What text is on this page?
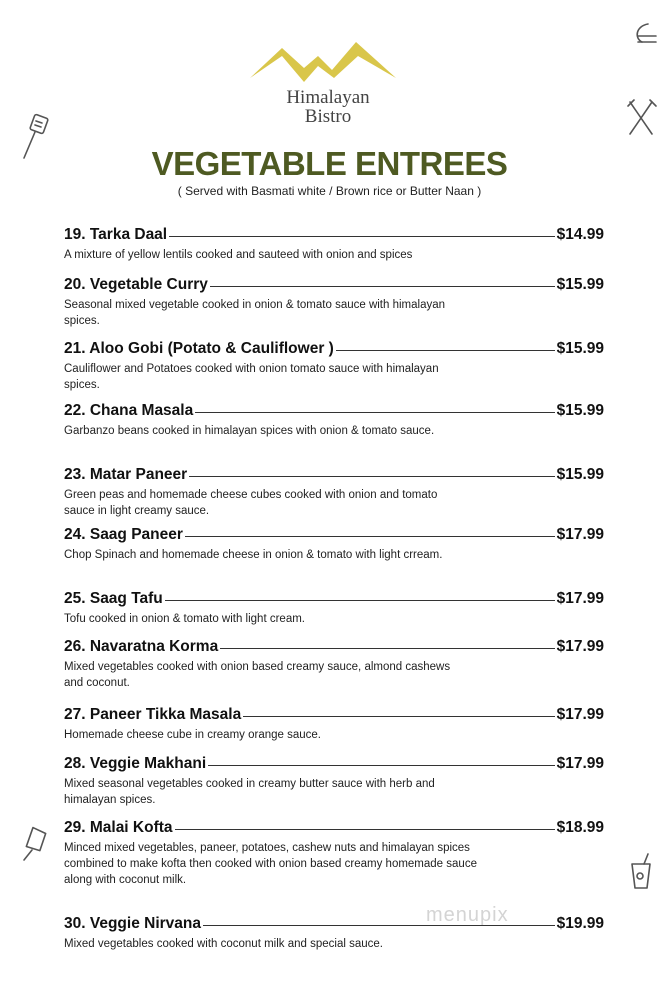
Himalayan
Bistro
VEGETABLE ENTREES
( Served with Basmati white / Brown rice or Butter Naan )
19. Tarka Daal	$14.99
A mixture of yellow lentils cooked and sauteed with onion and spices
20. Vegetable Curry	$15.99
Seasonal mixed vegetable cooked in onion & tomato sauce with himalayan spices.
21. Aloo Gobi (Potato & Cauliflower )	$15.99
Cauliflower and Potatoes cooked with onion tomato sauce with himalayan spices.
22. Chana Masala	$15.99
Garbanzo beans cooked in himalayan spices with onion & tomato sauce.
23. Matar Paneer	$15.99
Green peas and homemade cheese cubes cooked with onion and tomato sauce in light creamy sauce.
24. Saag Paneer	$17.99
Chop Spinach and homemade cheese in onion & tomato with light crream.
25. Saag Tafu	$17.99
Tofu cooked in onion & tomato with light cream.
26. Navaratna Korma	$17.99
Mixed vegetables cooked with onion based creamy sauce, almond cashews and coconut.
27. Paneer Tikka Masala	$17.99
Homemade cheese cube in creamy orange sauce.
28. Veggie Makhani	$17.99
Mixed seasonal vegetables cooked in creamy butter sauce with herb and himalayan spices.
29. Malai Kofta	$18.99
Minced mixed vegetables, paneer, potatoes, cashew nuts and himalayan spices combined to make kofta then cooked with onion based creamy homemade sauce along with coconut milk.
30. Veggie Nirvana	$19.99
Mixed vegetables cooked with coconut milk and special sauce.
menupix
